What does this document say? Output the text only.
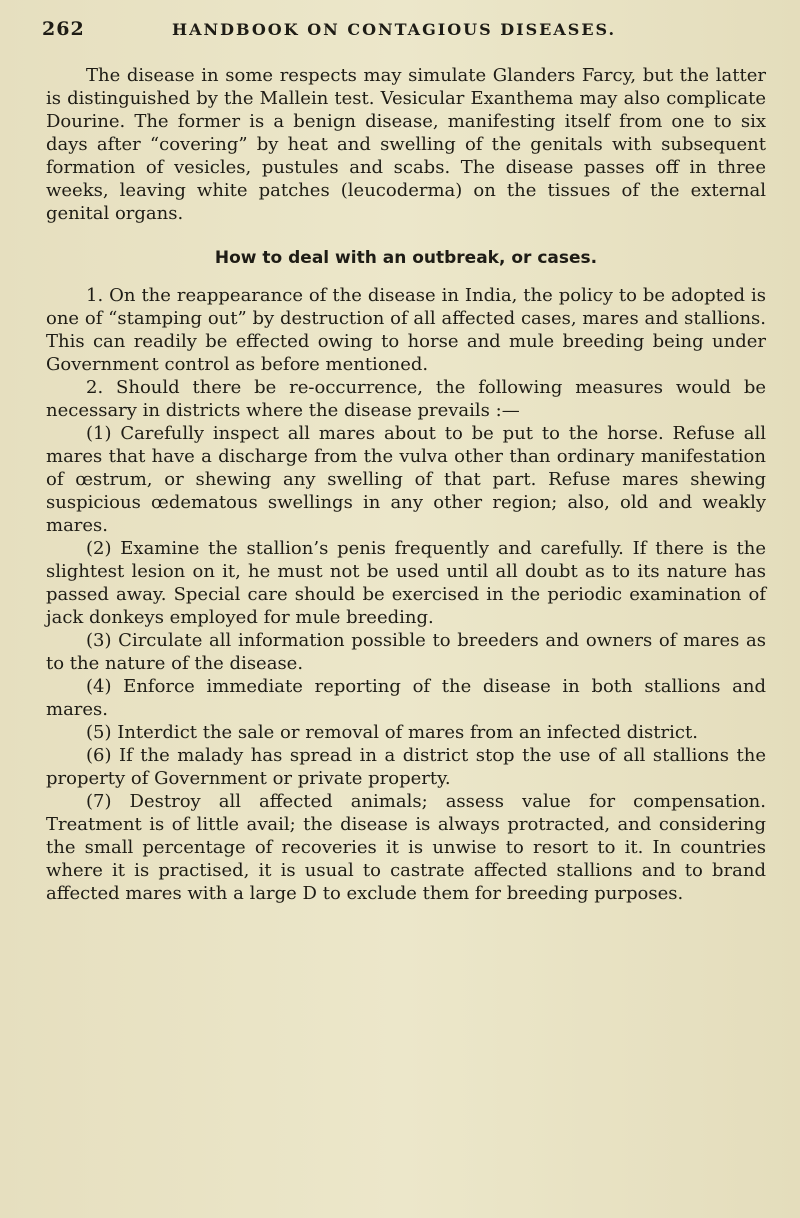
262	HANDBOOK ON CONTAGIOUS DISEASES.

The disease in some respects may simulate Glanders Farcy, but the latter is distinguished by the Mallein test. Vesicular Exanthema may also complicate Dourine. The former is a benign disease, manifesting itself from one to six days after “covering” by heat and swelling of the genitals with subsequent formation of vesicles, pustules and scabs. The disease passes off in three weeks, leaving white patches (leucoderma) on the tissues of the external genital organs.

How to deal with an outbreak, or cases.

1. On the reappearance of the disease in India, the policy to be adopted is one of “stamping out” by destruction of all affected cases, mares and stallions. This can readily be effected owing to horse and mule breeding being under Government control as before mentioned.

2. Should there be re-occurrence, the following measures would be necessary in districts where the disease prevails :—

(1) Carefully inspect all mares about to be put to the horse. Refuse all mares that have a discharge from the vulva other than ordinary manifestation of œstrum, or shewing any swelling of that part. Refuse mares shewing suspicious œdematous swellings in any other region; also, old and weakly mares.

(2) Examine the stallion’s penis frequently and carefully. If there is the slightest lesion on it, he must not be used until all doubt as to its nature has passed away. Special care should be exercised in the periodic examination of jack donkeys employed for mule breeding.

(3) Circulate all information possible to breeders and owners of mares as to the nature of the disease.

(4) Enforce immediate reporting of the disease in both stallions and mares.

(5) Interdict the sale or removal of mares from an infected district.

(6) If the malady has spread in a district stop the use of all stallions the property of Government or private property.

(7) Destroy all affected animals; assess value for compensation. Treatment is of little avail; the disease is always protracted, and considering the small percentage of recoveries it is unwise to resort to it. In countries where it is practised, it is usual to castrate affected stallions and to brand affected mares with a large D to exclude them for breeding purposes.
